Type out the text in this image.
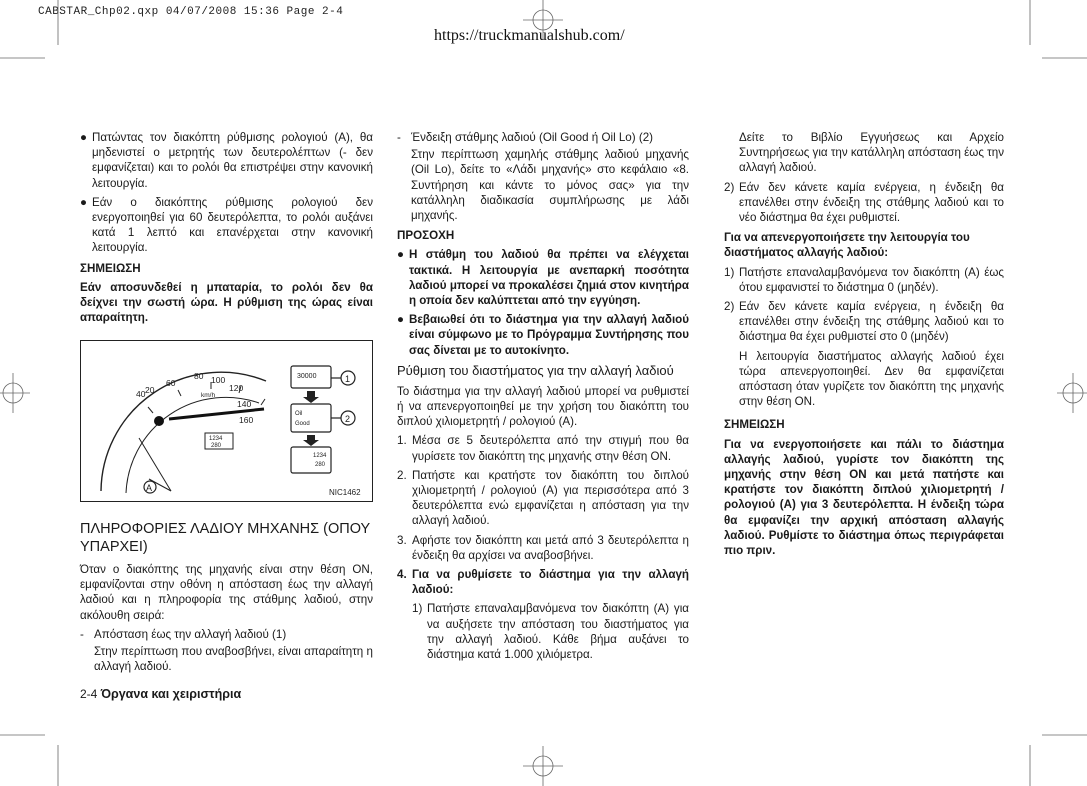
CABSTAR_Chp02.qxp 04/07/2008 15:36 Page 2-4
https://truckmanualshub.com/
● Πατώντας τον διακόπτη ρύθμισης ρολογιού (A), θα μηδενιστεί ο μετρητής των δευτερολέπτων (- δεν εμφανίζεται) και το ρολόι θα επιστρέψει στην κανονική λειτουργία.
● Εάν ο διακόπτης ρύθμισης ρολογιού δεν ενεργοποιηθεί για 60 δευτερόλεπτα, το ρολόι αυξάνει κατά 1 λεπτό και επανέρχεται στην κανονική λειτουργία.
ΣΗΜΕΙΩΣΗ

Εάν αποσυνδεθεί η μπαταρία, το ρολόι δεν θα δείχνει την σωστή ώρα. Η ρύθμιση της ώρας είναι απαραίτητη.

20
40
60
80 100
120
140
160
km/h
1234
280
30000
Oil
Good
1234
280
1
2
A	NIC1462
ΠΛΗΡΟΦΟΡΙΕΣ ΛΑΔΙΟΥ ΜΗΧΑΝΗΣ (ΟΠΟΥ ΥΠΑΡΧΕΙ)

Όταν ο διακόπτης της μηχανής είναι στην θέση ON, εμφανίζονται στην οθόνη η απόσταση έως την αλλαγή λαδιού και η πληροφορία της στάθμης λαδιού, στην ακόλουθη σειρά:

- Απόσταση έως την αλλαγή λαδιού (1)
Στην περίπτωση που αναβοσβήνει, είναι απαραίτητη η αλλαγή λαδιού.
- Ένδειξη στάθμης λαδιού (Oil Good ή Oil Lo) (2)
Στην περίπτωση χαμηλής στάθμης λαδιού μηχανής (Oil Lo), δείτε το «Λάδι μηχανής» στο κεφάλαιο «8. Συντήρηση και κάντε το μόνος σας» για την κατάλληλη διαδικασία συμπλήρωσης με λάδι μηχανής.
ΠΡΟΣΟΧΗ
● Η στάθμη του λαδιού θα πρέπει να ελέγχεται τακτικά. Η λειτουργία με ανεπαρκή ποσότητα λαδιού μπορεί να προκαλέσει ζημιά στον κινητήρα η οποία δεν καλύπτεται από την εγγύηση.
● Βεβαιωθεί ότι το διάστημα για την αλλαγή λαδιού είναι σύμφωνο με το Πρόγραμμα Συντήρησης που σας δίνεται με το αυτοκίνητο.
Ρύθμιση του διαστήματος για την αλλαγή λαδιού

Το διάστημα για την αλλαγή λαδιού μπορεί να ρυθμιστεί ή να απενεργοποιηθεί με την χρήση του διακόπτη του διπλού χιλιομετρητή / ρολογιού (A).

1. Μέσα σε 5 δευτερόλεπτα από την στιγμή που θα γυρίσετε τον διακόπτη της μηχανής στην θέση ON.
2. Πατήστε και κρατήστε τον διακόπτη του διπλού χιλιομετρητή / ρολογιού (A) για περισσότερα από 3 δευτερόλεπτα ενώ εμφανίζεται η απόσταση για την αλλαγή λαδιού.
3. Αφήστε τον διακόπτη και μετά από 3 δευτερόλεπτα η ένδειξη θα αρχίσει να αναβοσβήνει.
4. Για να ρυθμίσετε το διάστημα για την αλλαγή λαδιού:
1) Πατήστε επαναλαμβανόμενα τον διακόπτη (A) για να αυξήσετε την απόσταση του διαστήματος για την αλλαγή λαδιού. Κάθε βήμα αυξάνει το διάστημα κατά 1.000 χιλιόμετρα.
Δείτε το Βιβλίο Εγγυήσεως και Αρχείο Συντηρήσεως για την κατάλληλη απόσταση έως την αλλαγή λαδιού.
2) Εάν δεν κάνετε καμία ενέργεια, η ένδειξη θα επανέλθει στην ένδειξη της στάθμης λαδιού και το νέο διάστημα θα έχει ρυθμιστεί.
Για να απενεργοποιήσετε την λειτουργία του διαστήματος αλλαγής λαδιού:
1) Πατήστε επαναλαμβανόμενα τον διακόπτη (A) έως ότου εμφανιστεί το διάστημα 0 (μηδέν).
2) Εάν δεν κάνετε καμία ενέργεια, η ένδειξη θα επανέλθει στην ένδειξη της στάθμης λαδιού και το διάστημα θα έχει ρυθμιστεί στο 0 (μηδέν)
Η λειτουργία διαστήματος αλλαγής λαδιού έχει τώρα απενεργοποιηθεί. Δεν θα εμφανίζεται απόσταση όταν γυρίζετε τον διακόπτη της μηχανής στην θέση ON.
ΣΗΜΕΙΩΣΗ

Για να ενεργοποιήσετε και πάλι το διάστημα αλλαγής λαδιού, γυρίστε τον διακόπτη της μηχανής στην θέση ON και μετά πατήστε και κρατήστε τον διακόπτη διπλού χιλιομετρητή / ρολογιού (A) για 3 δευτερόλεπτα. Η ένδειξη τώρα θα εμφανίζει την αρχική απόσταση αλλαγής λαδιού. Ρυθμίστε το διάστημα όπως περιγράφεται πιο πριν.

2-4 Όργανα και χειριστήρια
